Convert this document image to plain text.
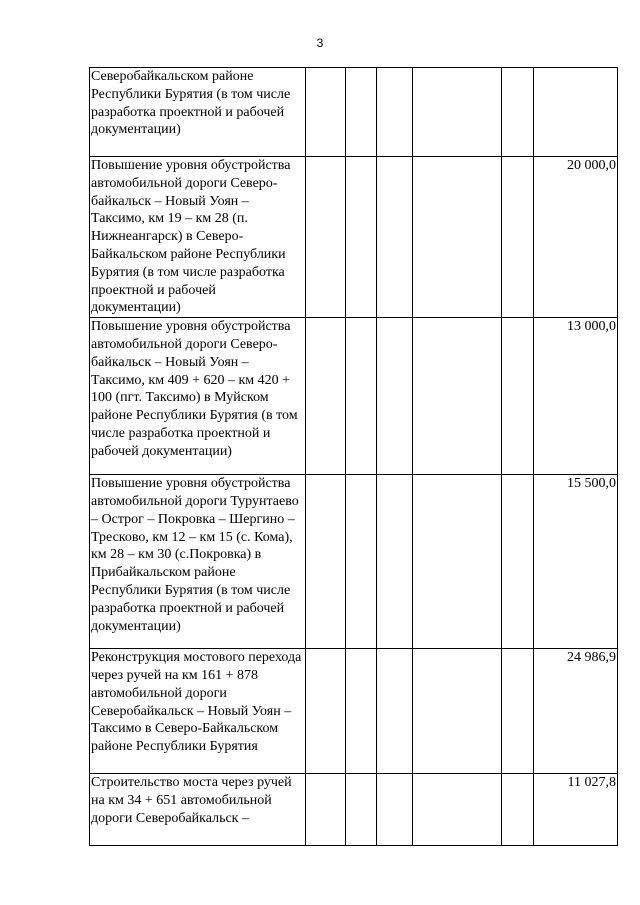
3
Северобайкальском районе Республики Бурятия (в том числе разработка проектной и рабочей документации)						
Повышение уровня обустройства автомобильной дороги Северо-байкальск – Новый Уоян – Таксимо, км 19 – км 28 (п. Нижнеангарск) в Северо-Байкальском районе Республики Бурятия (в том числе разработка проектной и рабочей документации)						20 000,0
Повышение уровня обустройства автомобильной дороги Северо-байкальск – Новый Уоян – Таксимо, км 409 + 620 – км 420 + 100 (пгт. Таксимо) в Муйском районе Республики Бурятия (в том числе разработка проектной и рабочей документации)						13 000,0
Повышение уровня обустройства автомобильной дороги Турунтаево – Острог – Покровка – Шергино – Тресково, км 12 – км 15 (с. Кома), км 28 – км 30 (с.Покровка) в Прибайкальском районе Республики Бурятия (в том числе разработка проектной и рабочей документации)						15 500,0
Реконструкция мостового перехода через ручей на км 161 + 878 автомобильной дороги Северобайкальск – Новый Уоян – Таксимо в Северо-Байкальском районе Республики Бурятия						24 986,9
Строительство моста через ручей на км 34 + 651 автомобильной дороги Северобайкальск –						11 027,8
